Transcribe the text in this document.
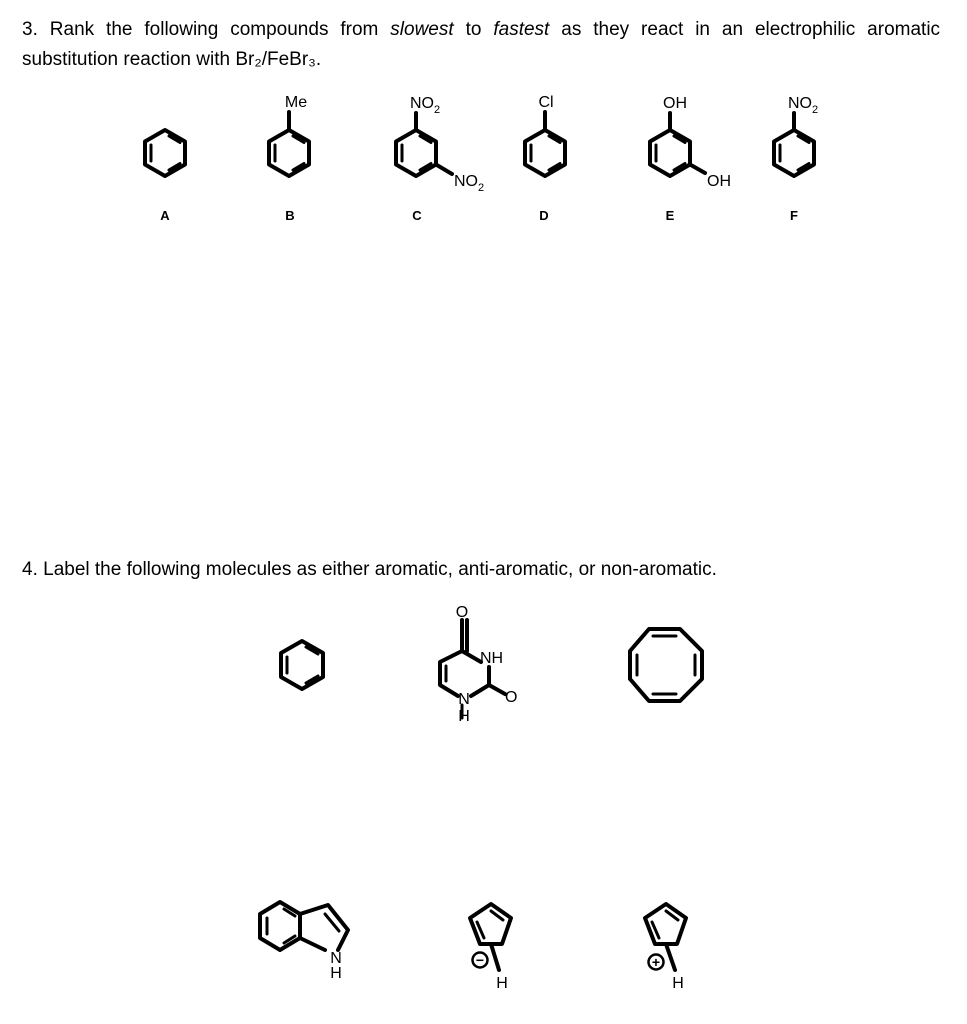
3. Rank the following compounds from slowest to fastest as they react in an electrophilic aromatic substitution reaction with Br₂/FeBr₃.
4. Label the following molecules as either aromatic, anti-aromatic, or non-aromatic.
A
Me
B
$NO_2$
$NO_2$
C
Cl
D
OH
OH
E
$NO_2$
F
O
NH
N
H
O
N
H
−
H
+
H
